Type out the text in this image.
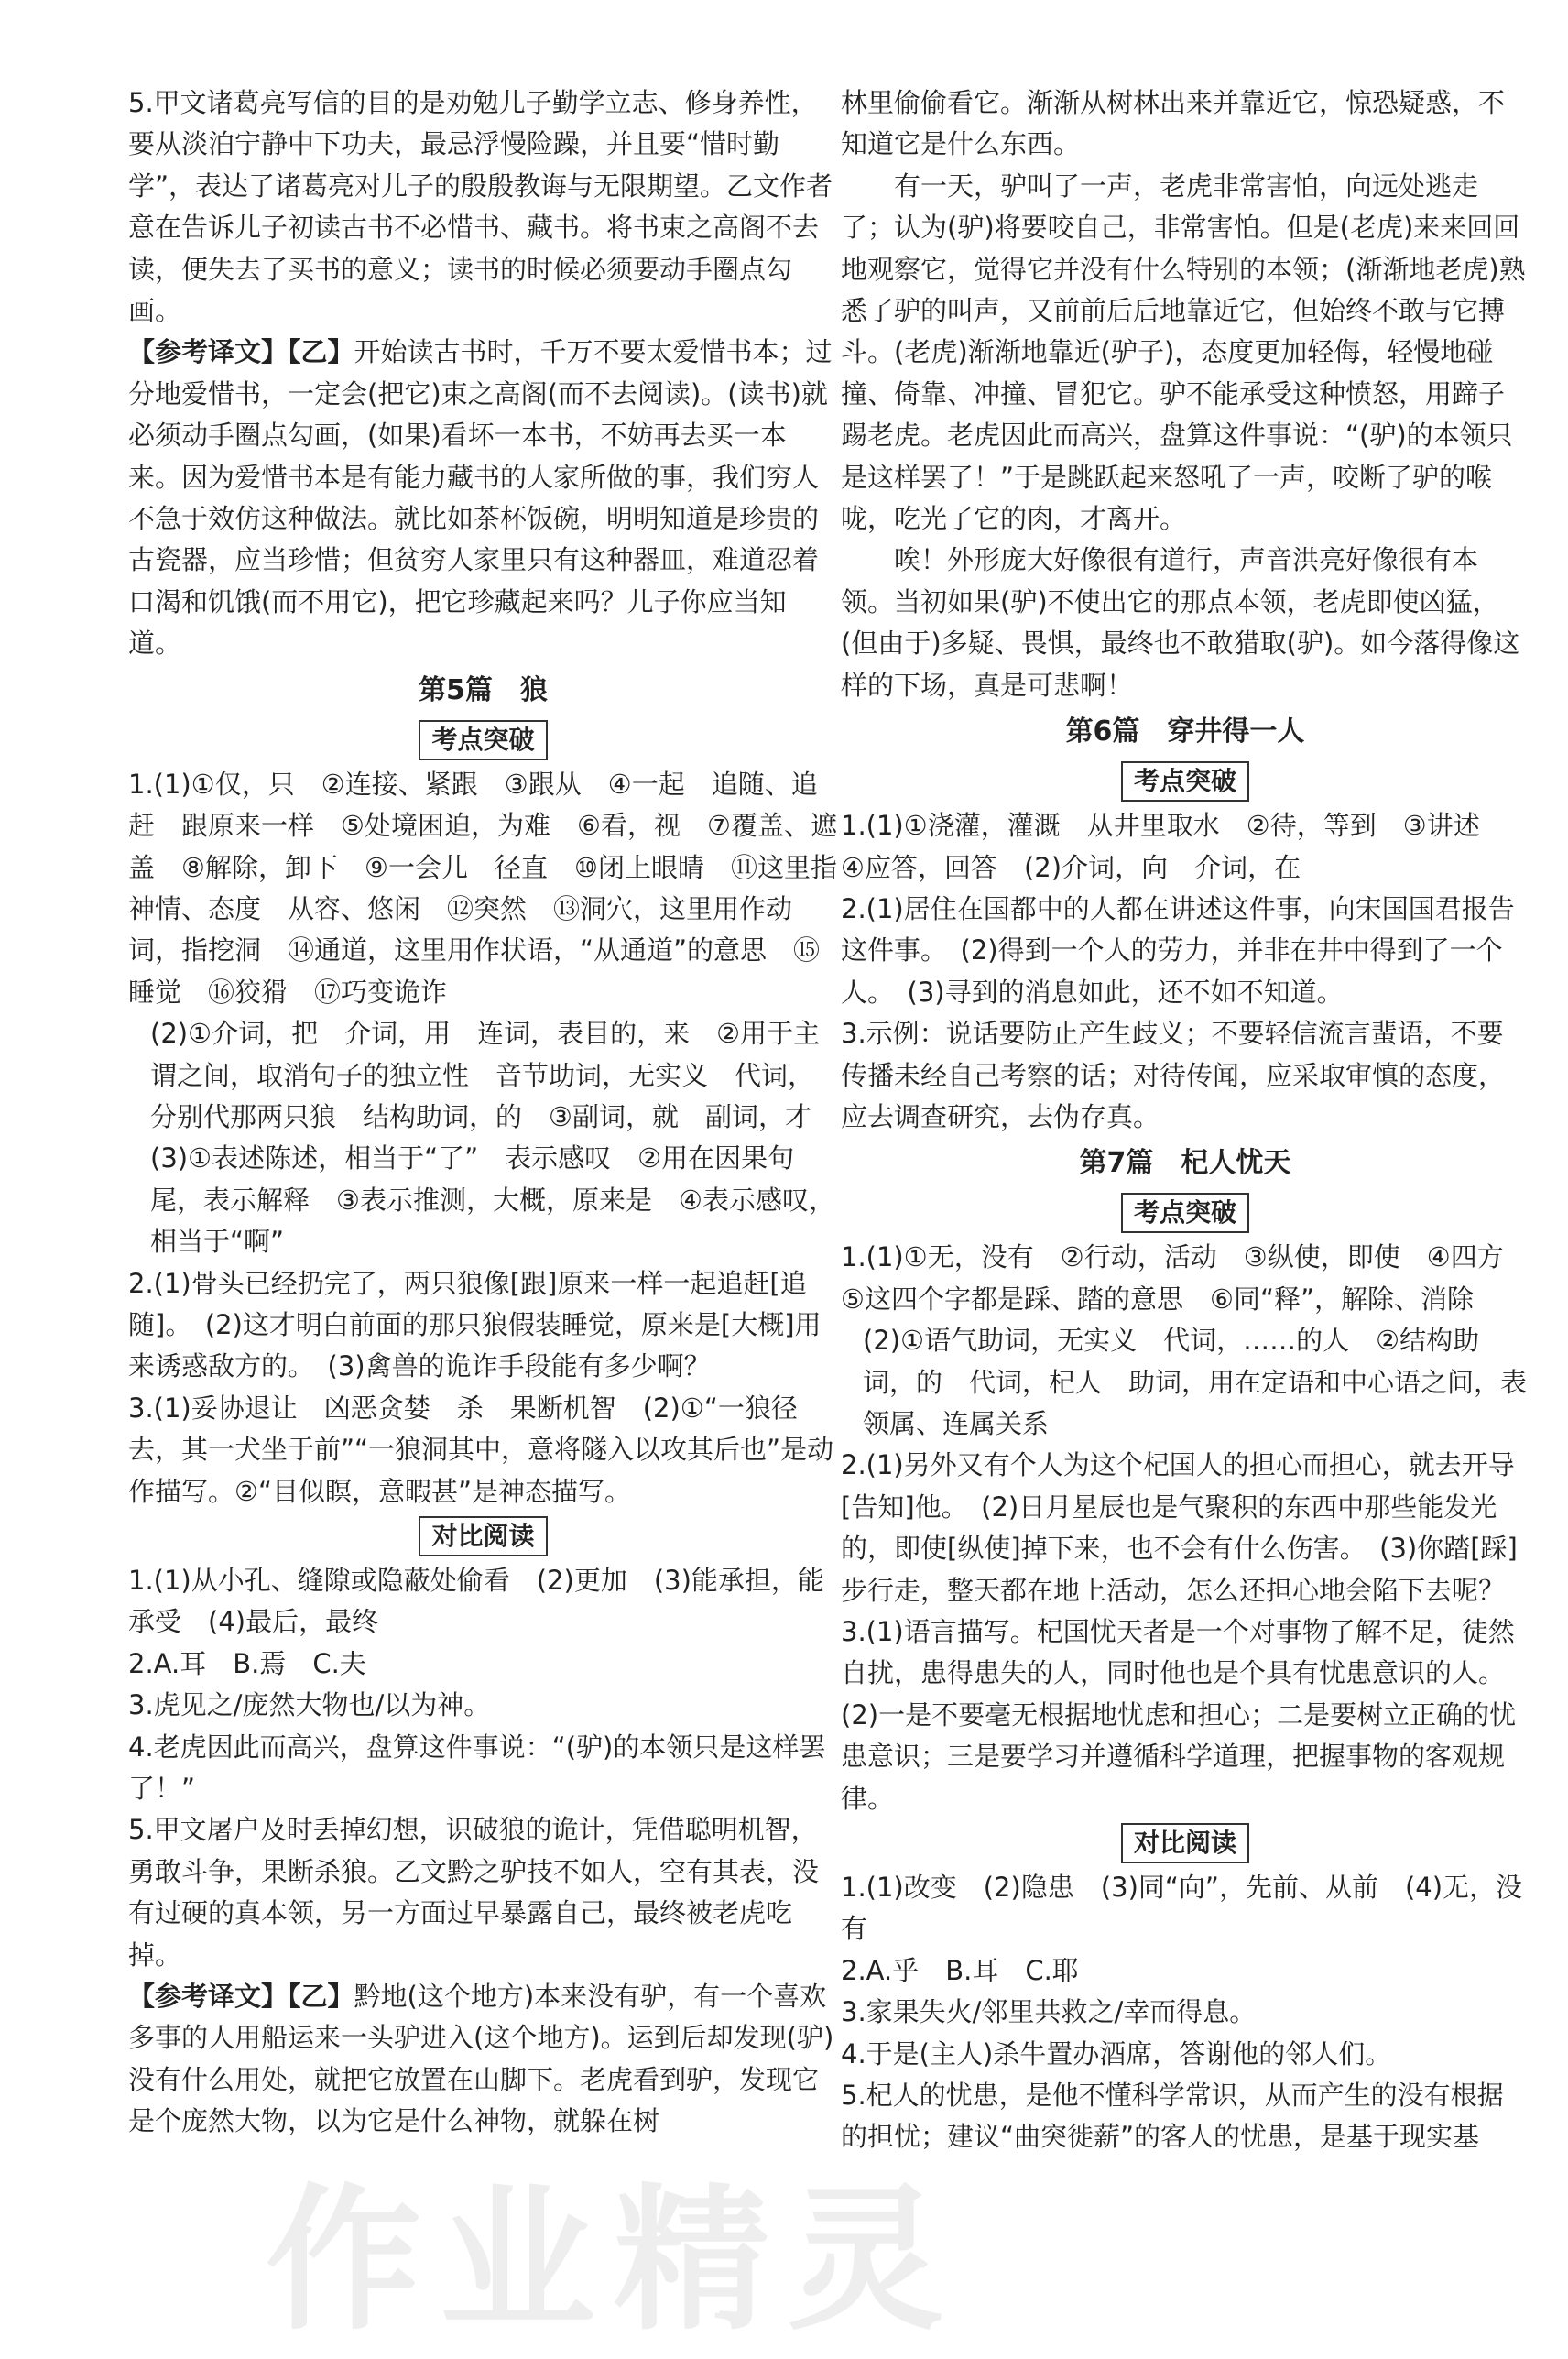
5.甲文诸葛亮写信的目的是劝勉儿子勤学立志、修身养性，要从淡泊宁静中下功夫，最忌浮慢险躁，并且要“惜时勤学”，表达了诸葛亮对儿子的殷殷教诲与无限期望。乙文作者意在告诉儿子初读古书不必惜书、藏书。将书束之高阁不去读，便失去了买书的意义；读书的时候必须要动手圈点勾画。

【参考译文】【乙】开始读古书时，千万不要太爱惜书本；过分地爱惜书，一定会(把它)束之高阁(而不去阅读)。(读书)就必须动手圈点勾画，(如果)看坏一本书，不妨再去买一本来。因为爱惜书本是有能力藏书的人家所做的事，我们穷人不急于效仿这种做法。就比如茶杯饭碗，明明知道是珍贵的古瓷器，应当珍惜；但贫穷人家里只有这种器皿，难道忍着口渴和饥饿(而不用它)，把它珍藏起来吗？儿子你应当知道。

第5篇　狼

考点突破

1.(1)①仅，只　②连接、紧跟　③跟从　④一起　追随、追赶　跟原来一样　⑤处境困迫，为难　⑥看，视　⑦覆盖、遮盖　⑧解除，卸下　⑨一会儿　径直　⑩闭上眼睛　⑪这里指神情、态度　从容、悠闲　⑫突然　⑬洞穴，这里用作动词，指挖洞　⑭通道，这里用作状语，“从通道”的意思　⑮睡觉　⑯狡猾　⑰巧变诡诈

(2)①介词，把　介词，用　连词，表目的，来　②用于主谓之间，取消句子的独立性　音节助词，无实义　代词，分别代那两只狼　结构助词，的　③副词，就　副词，才

(3)①表述陈述，相当于“了”　表示感叹　②用在因果句尾，表示解释　③表示推测，大概，原来是　④表示感叹，相当于“啊”

2.(1)骨头已经扔完了，两只狼像[跟]原来一样一起追赶[追随]。　(2)这才明白前面的那只狼假装睡觉，原来是[大概]用来诱惑敌方的。　(3)禽兽的诡诈手段能有多少啊？

3.(1)妥协退让　凶恶贪婪　杀　果断机智　(2)①“一狼径去，其一犬坐于前”“一狼洞其中，意将隧入以攻其后也”是动作描写。②“目似瞑，意暇甚”是神态描写。

对比阅读

1.(1)从小孔、缝隙或隐蔽处偷看　(2)更加　(3)能承担，能承受　(4)最后，最终

2.A.耳　B.焉　C.夫

3.虎见之/庞然大物也/以为神。

4.老虎因此而高兴，盘算这件事说：“(驴)的本领只是这样罢了！”

5.甲文屠户及时丢掉幻想，识破狼的诡计，凭借聪明机智，勇敢斗争，果断杀狼。乙文黔之驴技不如人，空有其表，没有过硬的真本领，另一方面过早暴露自己，最终被老虎吃掉。

【参考译文】【乙】黔地(这个地方)本来没有驴，有一个喜欢多事的人用船运来一头驴进入(这个地方)。运到后却发现(驴)没有什么用处，就把它放置在山脚下。老虎看到驴，发现它是个庞然大物，以为它是什么神物，就躲在树

林里偷偷看它。渐渐从树林出来并靠近它，惊恐疑惑，不知道它是什么东西。

有一天，驴叫了一声，老虎非常害怕，向远处逃走了；认为(驴)将要咬自己，非常害怕。但是(老虎)来来回回地观察它，觉得它并没有什么特别的本领；(渐渐地老虎)熟悉了驴的叫声，又前前后后地靠近它，但始终不敢与它搏斗。(老虎)渐渐地靠近(驴子)，态度更加轻侮，轻慢地碰撞、倚靠、冲撞、冒犯它。驴不能承受这种愤怒，用蹄子踢老虎。老虎因此而高兴，盘算这件事说：“(驴)的本领只是这样罢了！”于是跳跃起来怒吼了一声，咬断了驴的喉咙，吃光了它的肉，才离开。

唉！外形庞大好像很有道行，声音洪亮好像很有本领。当初如果(驴)不使出它的那点本领，老虎即使凶猛，(但由于)多疑、畏惧，最终也不敢猎取(驴)。如今落得像这样的下场，真是可悲啊！

第6篇　穿井得一人

考点突破

1.(1)①浇灌，灌溉　从井里取水　②待，等到　③讲述　④应答，回答　(2)介词，向　介词，在

2.(1)居住在国都中的人都在讲述这件事，向宋国国君报告这件事。　(2)得到一个人的劳力，并非在井中得到了一个人。　(3)寻到的消息如此，还不如不知道。

3.示例：说话要防止产生歧义；不要轻信流言蜚语，不要传播未经自己考察的话；对待传闻，应采取审慎的态度，应去调查研究，去伪存真。

第7篇　杞人忧天

考点突破

1.(1)①无，没有　②行动，活动　③纵使，即使　④四方　⑤这四个字都是踩、踏的意思　⑥同“释”，解除、消除

(2)①语气助词，无实义　代词，……的人　②结构助词，的　代词，杞人　助词，用在定语和中心语之间，表领属、连属关系

2.(1)另外又有个人为这个杞国人的担心而担心，就去开导[告知]他。　(2)日月星辰也是气聚积的东西中那些能发光的，即使[纵使]掉下来，也不会有什么伤害。　(3)你踏[踩]步行走，整天都在地上活动，怎么还担心地会陷下去呢？

3.(1)语言描写。杞国忧天者是一个对事物了解不足，徒然自扰，患得患失的人，同时他也是个具有忧患意识的人。　(2)一是不要毫无根据地忧虑和担心；二是要树立正确的忧患意识；三是要学习并遵循科学道理，把握事物的客观规律。

对比阅读

1.(1)改变　(2)隐患　(3)同“向”，先前、从前　(4)无，没有

2.A.乎　B.耳　C.耶

3.家果失火/邻里共救之/幸而得息。

4.于是(主人)杀牛置办酒席，答谢他的邻人们。

5.杞人的忧患，是他不懂科学常识，从而产生的没有根据的担忧；建议“曲突徙薪”的客人的忧患，是基于现实基

作业精灵
